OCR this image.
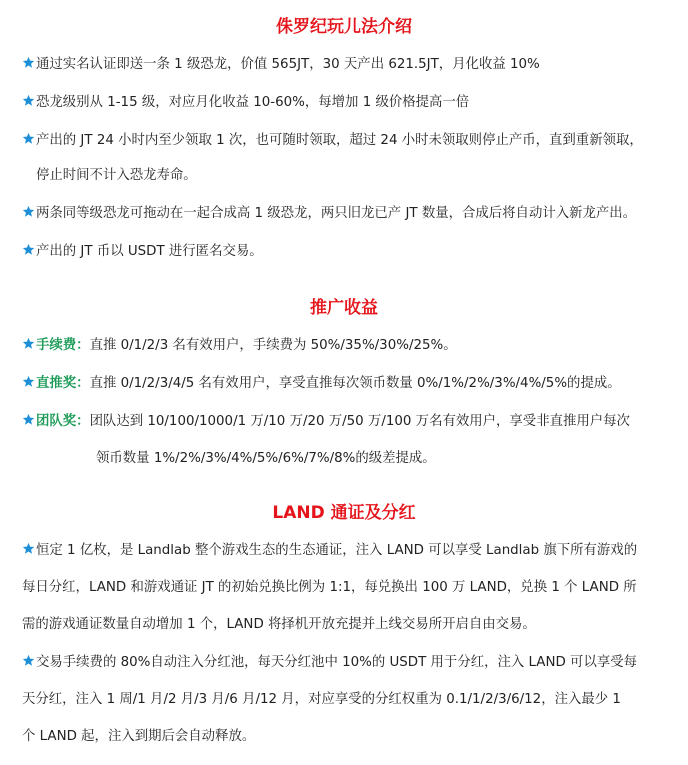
侏罗纪玩儿法介绍
通过实名认证即送一条 1 级恐龙，价值 565JT，30 天产出 621.5JT，月化收益 10%
恐龙级别从 1-15 级，对应月化收益 10-60%，每增加 1 级价格提高一倍
产出的 JT 24 小时内至少领取 1 次，也可随时领取，超过 24 小时未领取则停止产币，直到重新领取，
停止时间不计入恐龙寿命。
两条同等级恐龙可拖动在一起合成高 1 级恐龙，两只旧龙已产 JT 数量，合成后将自动计入新龙产出。
产出的 JT 币以 USDT 进行匿名交易。
推广收益
手续费：直推 0/1/2/3 名有效用户，手续费为 50%/35%/30%/25%。
直推奖：直推 0/1/2/3/4/5 名有效用户，享受直推每次领币数量 0%/1%/2%/3%/4%/5%的提成。
团队奖：团队达到 10/100/1000/1 万/10 万/20 万/50 万/100 万名有效用户，享受非直推用户每次
领币数量 1%/2%/3%/4%/5%/6%/7%/8%的级差提成。
LAND 通证及分红
恒定 1 亿枚，是 Landlab 整个游戏生态的生态通证，注入 LAND 可以享受 Landlab 旗下所有游戏的
每日分红，LAND 和游戏通证 JT 的初始兑换比例为 1:1，每兑换出 100 万 LAND，兑换 1 个 LAND 所
需的游戏通证数量自动增加 1 个，LAND 将择机开放充提并上线交易所开启自由交易。
交易手续费的 80%自动注入分红池，每天分红池中 10%的 USDT 用于分红，注入 LAND 可以享受每
天分红，注入 1 周/1 月/2 月/3 月/6 月/12 月，对应享受的分红权重为 0.1/1/2/3/6/12，注入最少 1
个 LAND 起，注入到期后会自动释放。
